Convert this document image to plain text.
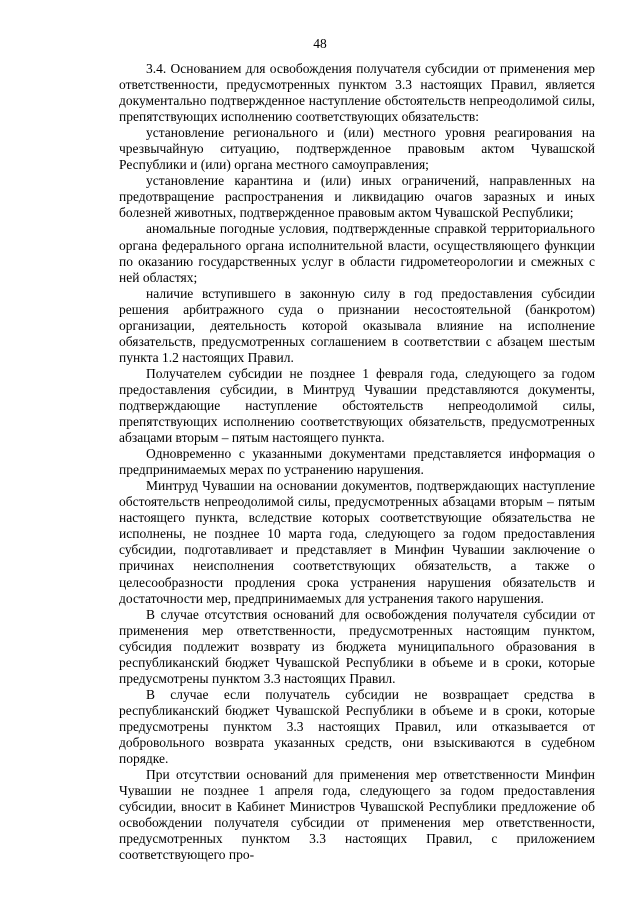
48

3.4. Основанием для освобождения получателя субсидии от применения мер ответственности, предусмотренных пунктом 3.3 настоящих Правил, является документально подтвержденное наступление обстоятельств непреодолимой силы, препятствующих исполнению соответствующих обязательств:

установление регионального и (или) местного уровня реагирования на чрезвычайную ситуацию, подтвержденное правовым актом Чувашской Республики и (или) органа местного самоуправления;

установление карантина и (или) иных ограничений, направленных на предотвращение распространения и ликвидацию очагов заразных и иных болезней животных, подтвержденное правовым актом Чувашской Республики;

аномальные погодные условия, подтвержденные справкой территориального органа федерального органа исполнительной власти, осуществляющего функции по оказанию государственных услуг в области гидрометеорологии и смежных с ней областях;

наличие вступившего в законную силу в год предоставления субсидии решения арбитражного суда о признании несостоятельной (банкротом) организации, деятельность которой оказывала влияние на исполнение обязательств, предусмотренных соглашением в соответствии с абзацем шестым пункта 1.2 настоящих Правил.

Получателем субсидии не позднее 1 февраля года, следующего за годом предоставления субсидии, в Минтруд Чувашии представляются документы, подтверждающие наступление обстоятельств непреодолимой силы, препятствующих исполнению соответствующих обязательств, предусмотренных абзацами вторым – пятым настоящего пункта.

Одновременно с указанными документами представляется информация о предпринимаемых мерах по устранению нарушения.

Минтруд Чувашии на основании документов, подтверждающих наступление обстоятельств непреодолимой силы, предусмотренных абзацами вторым – пятым настоящего пункта, вследствие которых соответствующие обязательства не исполнены, не позднее 10 марта года, следующего за годом предоставления субсидии, подготавливает и представляет в Минфин Чувашии заключение о причинах неисполнения соответствующих обязательств, а также о целесообразности продления срока устранения нарушения обязательств и достаточности мер, предпринимаемых для устранения такого нарушения.

В случае отсутствия оснований для освобождения получателя субсидии от применения мер ответственности, предусмотренных настоящим пунктом, субсидия подлежит возврату из бюджета муниципального образования в республиканский бюджет Чувашской Республики в объеме и в сроки, которые предусмотрены пунктом 3.3 настоящих Правил.

В случае если получатель субсидии не возвращает средства в республиканский бюджет Чувашской Республики в объеме и в сроки, которые предусмотрены пунктом 3.3 настоящих Правил, или отказывается от добровольного возврата указанных средств, они взыскиваются в судебном порядке.

При отсутствии оснований для применения мер ответственности Минфин Чувашии не позднее 1 апреля года, следующего за годом предоставления субсидии, вносит в Кабинет Министров Чувашской Республики предложение об освобождении получателя субсидии от применения мер ответственности, предусмотренных пунктом 3.3 настоящих Правил, с приложением соответствующего про-
